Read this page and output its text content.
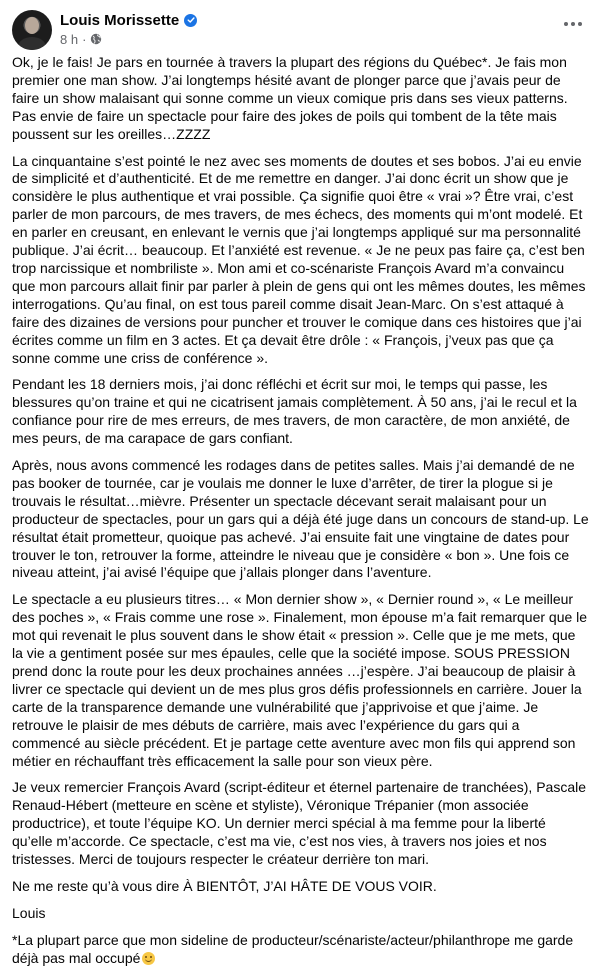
Louis Morissette
8 h ·

Ok, je le fais! Je pars en tournée à travers la plupart des régions du Québec*. Je fais mon premier one man show. J’ai longtemps hésité avant de plonger parce que j’avais peur de faire un show malaisant qui sonne comme un vieux comique pris dans ses vieux patterns. Pas envie de faire un spectacle pour faire des jokes de poils qui tombent de la tête mais poussent sur les oreilles…ZZZZ

La cinquantaine s’est pointé le nez avec ses moments de doutes et ses bobos. J’ai eu envie de simplicité et d’authenticité. Et de me remettre en danger. J’ai donc écrit un show que je considère le plus authentique et vrai possible. Ça signifie quoi être « vrai »? Être vrai, c’est parler de mon parcours, de mes travers, de mes échecs, des moments qui m’ont modelé. Et en parler en creusant, en enlevant le vernis que j’ai longtemps appliqué sur ma personnalité publique. J’ai écrit… beaucoup. Et l’anxiété est revenue. « Je ne peux pas faire ça, c’est ben trop narcissique et nombriliste ». Mon ami et co-scénariste François Avard m’a convaincu que mon parcours allait finir par parler à plein de gens qui ont les mêmes doutes, les mêmes interrogations. Qu’au final, on est tous pareil comme disait Jean-Marc. On s’est attaqué à faire des dizaines de versions pour puncher et trouver le comique dans ces histoires que j’ai écrites comme un film en 3 actes. Et ça devait être drôle : « François, j’veux pas que ça sonne comme une criss de conférence ».

Pendant les 18 derniers mois, j’ai donc réfléchi et écrit sur moi, le temps qui passe, les blessures qu’on traine et qui ne cicatrisent jamais complètement. À 50 ans, j’ai le recul et la confiance pour rire de mes erreurs, de mes travers, de mon caractère, de mon anxiété, de mes peurs, de ma carapace de gars confiant.

Après, nous avons commencé les rodages dans de petites salles. Mais j’ai demandé de ne pas booker de tournée, car je voulais me donner le luxe d’arrêter, de tirer la plogue si je trouvais le résultat…mièvre. Présenter un spectacle décevant serait malaisant pour un producteur de spectacles, pour un gars qui a déjà été juge dans un concours de stand-up. Le résultat était prometteur, quoique pas achevé. J’ai ensuite fait une vingtaine de dates pour trouver le ton, retrouver la forme, atteindre le niveau que je considère « bon ». Une fois ce niveau atteint, j’ai avisé l’équipe que j’allais plonger dans l’aventure.

Le spectacle a eu plusieurs titres… « Mon dernier show », « Dernier round », « Le meilleur des poches », « Frais comme une rose ». Finalement, mon épouse m’a fait remarquer que le mot qui revenait le plus souvent dans le show était « pression ». Celle que je me mets, que la vie a gentiment posée sur mes épaules, celle que la société impose. SOUS PRESSION prend donc la route pour les deux prochaines années …j’espère. J’ai beaucoup de plaisir à livrer ce spectacle qui devient un de mes plus gros défis professionnels en carrière. Jouer la carte de la transparence demande une vulnérabilité que j’apprivoise et que j’aime. Je retrouve le plaisir de mes débuts de carrière, mais avec l’expérience du gars qui a commencé au siècle précédent. Et je partage cette aventure avec mon fils qui apprend son métier en réchauffant très efficacement la salle pour son vieux père.

Je veux remercier François Avard (script-éditeur et éternel partenaire de tranchées), Pascale Renaud-Hébert (metteure en scène et styliste), Véronique Trépanier (mon associée productrice), et toute l’équipe KO. Un dernier merci spécial à ma femme pour la liberté qu’elle m’accorde. Ce spectacle, c’est ma vie, c’est nos vies, à travers nos joies et nos tristesses. Merci de toujours respecter le créateur derrière ton mari.

Ne me reste qu’à vous dire À BIENTÔT, J’AI HÂTE DE VOUS VOIR.

Louis

*La plupart parce que mon sideline de producteur/scénariste/acteur/philanthrope me garde déjà pas mal occupé
